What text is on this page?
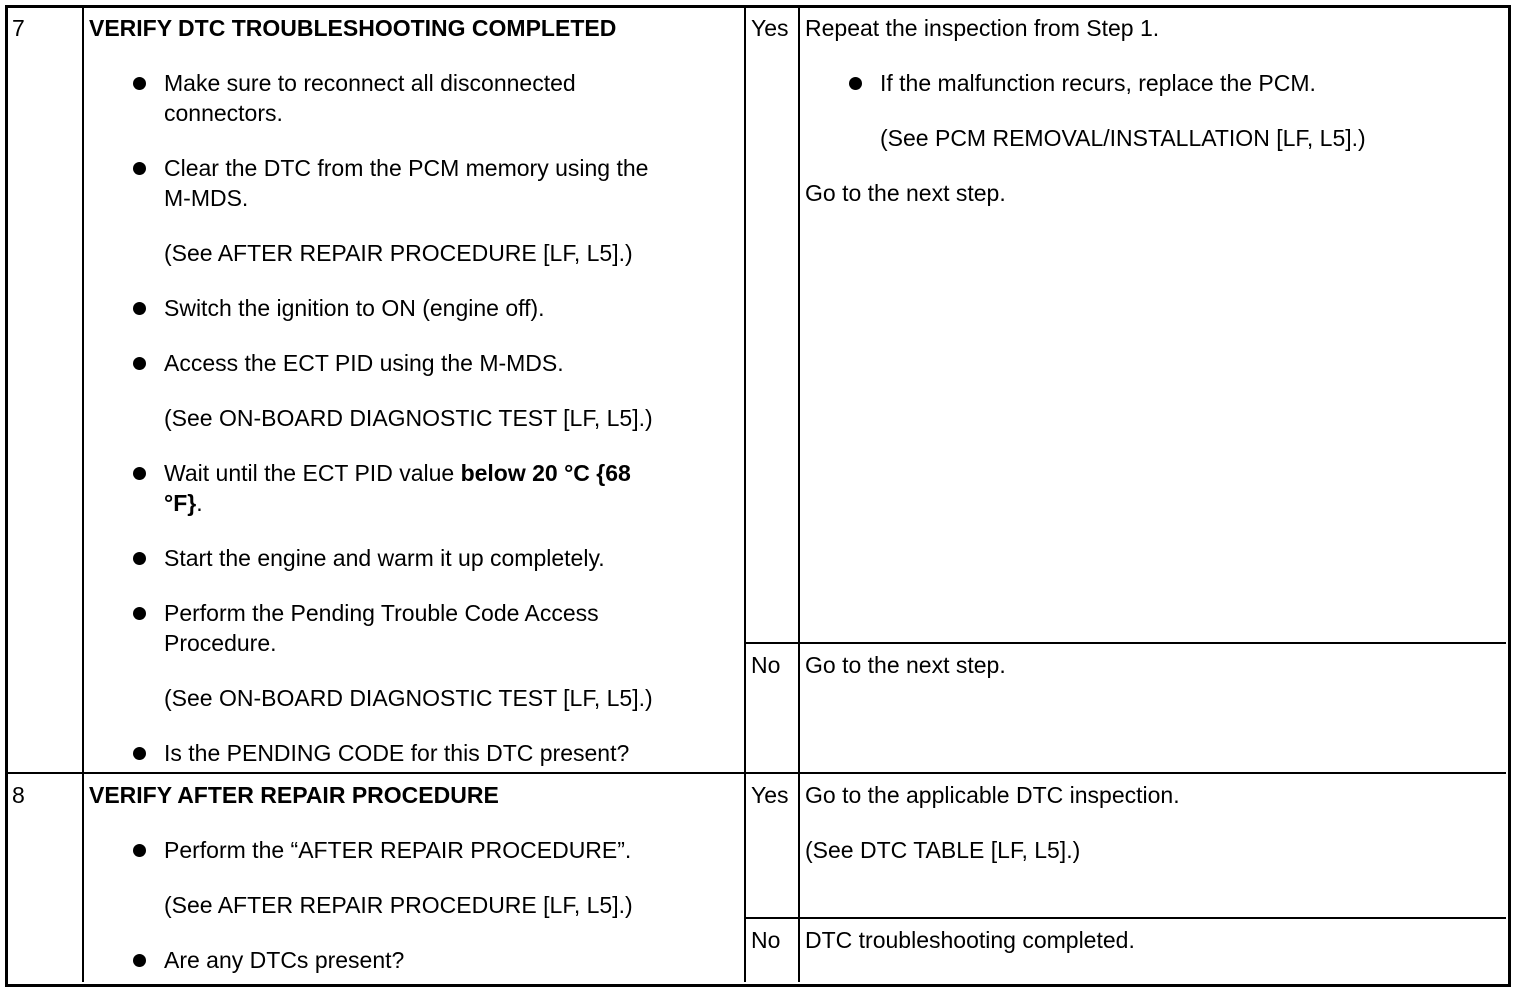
7	VERIFY DTC TROUBLESHOOTING COMPLETED
Make sure to reconnect all disconnected
connectors.
Clear the DTC from the PCM memory using the
M-MDS.
(See AFTER REPAIR PROCEDURE [LF, L5].)
Switch the ignition to ON (engine off).
Access the ECT PID using the M-MDS.
(See ON-BOARD DIAGNOSTIC TEST [LF, L5].)
Wait until the ECT PID value below 20 °C {68
°F}.
Start the engine and warm it up completely.
Perform the Pending Trouble Code Access
Procedure.
(See ON-BOARD DIAGNOSTIC TEST [LF, L5].)
Is the PENDING CODE for this DTC present?
Yes Repeat the inspection from Step 1.
If the malfunction recurs, replace the PCM.
(See PCM REMOVAL/INSTALLATION [LF, L5].)
Go to the next step.
No Go to the next step.
8	VERIFY AFTER REPAIR PROCEDURE
Perform the “AFTER REPAIR PROCEDURE”.
(See AFTER REPAIR PROCEDURE [LF, L5].)
Are any DTCs present?
Yes Go to the applicable DTC inspection.
(See DTC TABLE [LF, L5].)
No DTC troubleshooting completed.
